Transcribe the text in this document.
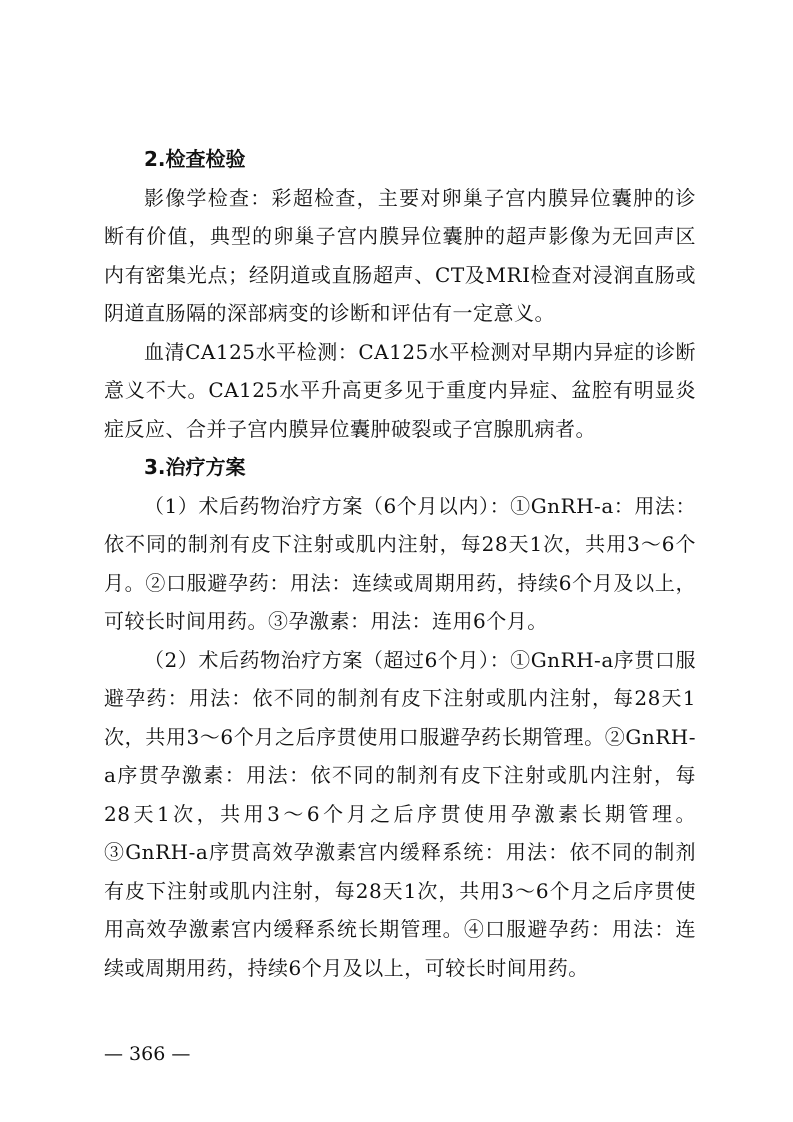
2.检查检验

影像学检查：彩超检查，主要对卵巢子宫内膜异位囊肿的诊断有价值，典型的卵巢子宫内膜异位囊肿的超声影像为无回声区内有密集光点；经阴道或直肠超声、CT及MRI检查对浸润直肠或阴道直肠隔的深部病变的诊断和评估有一定意义。

血清CA125水平检测：CA125水平检测对早期内异症的诊断意义不大。CA125水平升高更多见于重度内异症、盆腔有明显炎症反应、合并子宫内膜异位囊肿破裂或子宫腺肌病者。

3.治疗方案

（1）术后药物治疗方案（6个月以内）：①GnRH-a：用法：依不同的制剂有皮下注射或肌内注射，每28天1次，共用3～6个月。②口服避孕药：用法：连续或周期用药，持续6个月及以上，可较长时间用药。③孕激素：用法：连用6个月。

（2）术后药物治疗方案（超过6个月）：①GnRH-a序贯口服避孕药：用法：依不同的制剂有皮下注射或肌内注射，每28天1次，共用3～6个月之后序贯使用口服避孕药长期管理。②GnRH-a序贯孕激素：用法：依不同的制剂有皮下注射或肌内注射，每28天1次，共用3～6个月之后序贯使用孕激素长期管理。③GnRH-a序贯高效孕激素宫内缓释系统：用法：依不同的制剂有皮下注射或肌内注射，每28天1次，共用3～6个月之后序贯使用高效孕激素宫内缓释系统长期管理。④口服避孕药：用法：连续或周期用药，持续6个月及以上，可较长时间用药。

— 366 —
